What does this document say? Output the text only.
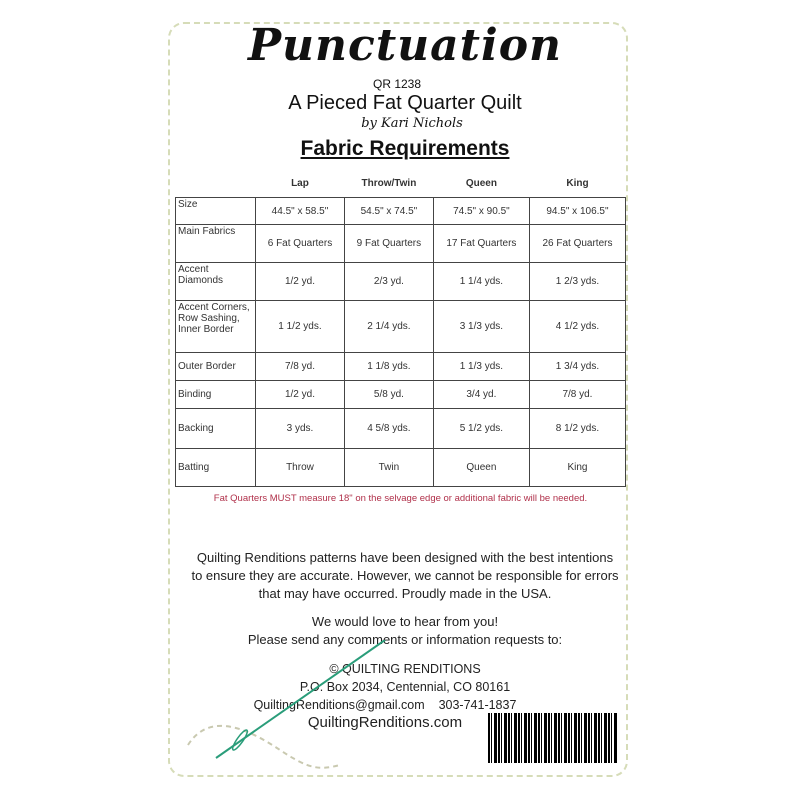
Punctuation
QR 1238
A Pieced Fat Quarter Quilt
by Kari Nichols
Fabric Requirements
	Lap	Throw/Twin	Queen	King
Size	44.5" x 58.5"	54.5" x 74.5"	74.5" x 90.5"	94.5" x 106.5"
Main Fabrics	6 Fat Quarters	9 Fat Quarters	17 Fat Quarters	26 Fat Quarters
Accent Diamonds	1/2 yd.	2/3 yd.	1 1/4 yds.	1 2/3 yds.
Accent Corners, Row Sashing, Inner Border	1 1/2 yds.	2 1/4 yds.	3 1/3 yds.	4 1/2 yds.
Outer Border	7/8 yd.	1 1/8 yds.	1 1/3 yds.	1 3/4 yds.
Binding	1/2 yd.	5/8 yd.	3/4 yd.	7/8 yd.
Backing	3 yds.	4 5/8 yds.	5 1/2 yds.	8 1/2 yds.
Batting	Throw	Twin	Queen	King
Fat Quarters MUST measure 18" on the selvage edge or additional fabric will be needed.
Quilting Renditions patterns have been designed with the best intentions
to ensure they are accurate. However, we cannot be responsible for errors
that may have occurred. Proudly made in the USA.
We would love to hear from you!
Please send any comments or information requests to:
© QUILTING RENDITIONS
P.O. Box 2034, Centennial, CO 80161
QuiltingRenditions@gmail.com    303-741-1837
QuiltingRenditions.com
